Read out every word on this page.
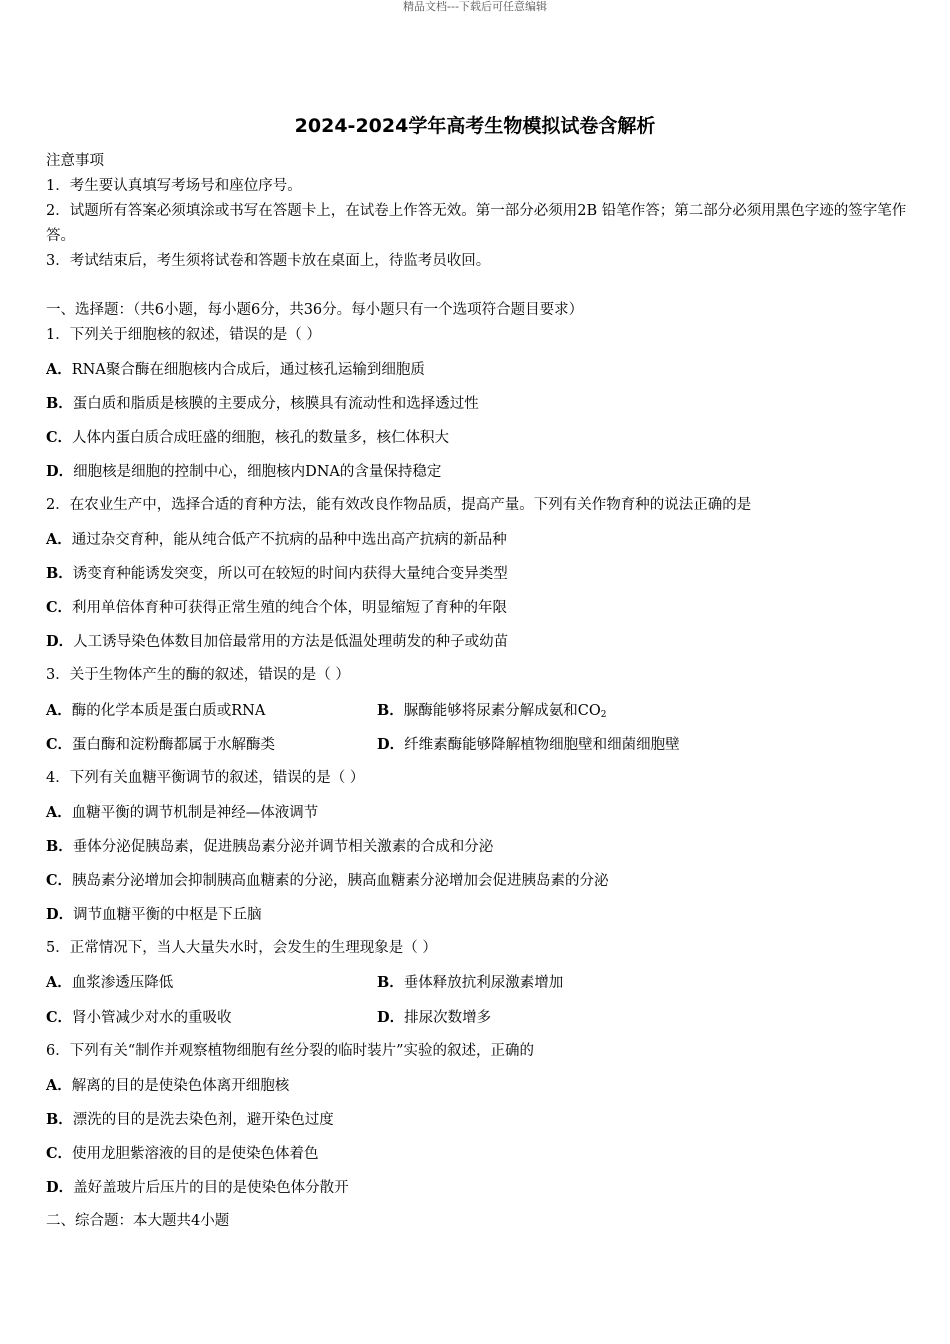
精品文档---下载后可任意编辑
2024-2024学年高考生物模拟试卷含解析
注意事项
1．考生要认真填写考场号和座位序号。
2．试题所有答案必须填涂或书写在答题卡上，在试卷上作答无效。第一部分必须用2B 铅笔作答；第二部分必须用黑色字迹的签字笔作答。
3．考试结束后，考生须将试卷和答题卡放在桌面上，待监考员收回。
一、选择题：（共6小题，每小题6分，共36分。每小题只有一个选项符合题目要求）
1．下列关于细胞核的叙述，错误的是（ ）
A．RNA聚合酶在细胞核内合成后，通过核孔运输到细胞质
B．蛋白质和脂质是核膜的主要成分，核膜具有流动性和选择透过性
C．人体内蛋白质合成旺盛的细胞，核孔的数量多，核仁体积大
D．细胞核是细胞的控制中心，细胞核内DNA的含量保持稳定
2．在农业生产中，选择合适的育种方法，能有效改良作物品质，提高产量。下列有关作物育种的说法正确的是
A．通过杂交育种，能从纯合低产不抗病的品种中选出高产抗病的新品种
B．诱变育种能诱发突变，所以可在较短的时间内获得大量纯合变异类型
C．利用单倍体育种可获得正常生殖的纯合个体，明显缩短了育种的年限
D．人工诱导染色体数目加倍最常用的方法是低温处理萌发的种子或幼苗
3．关于生物体产生的酶的叙述，错误的是（ ）
A．酶的化学本质是蛋白质或RNA	B．脲酶能够将尿素分解成氨和$CO_2$
C．蛋白酶和淀粉酶都属于水解酶类	D．纤维素酶能够降解植物细胞壁和细菌细胞壁
4．下列有关血糖平衡调节的叙述，错误的是（ ）
A．血糖平衡的调节机制是神经—体液调节
B．垂体分泌促胰岛素，促进胰岛素分泌并调节相关激素的合成和分泌
C．胰岛素分泌增加会抑制胰高血糖素的分泌，胰高血糖素分泌增加会促进胰岛素的分泌
D．调节血糖平衡的中枢是下丘脑
5．正常情况下，当人大量失水时，会发生的生理现象是（ ）
A．血浆渗透压降低	B．垂体释放抗利尿激素增加
C．肾小管减少对水的重吸收	D．排尿次数增多
6．下列有关“制作并观察植物细胞有丝分裂的临时装片”实验的叙述，正确的
A．解离的目的是使染色体离开细胞核
B．漂洗的目的是洗去染色剂，避开染色过度
C．使用龙胆紫溶液的目的是使染色体着色
D．盖好盖玻片后压片的目的是使染色体分散开
二、综合题：本大题共4小题
